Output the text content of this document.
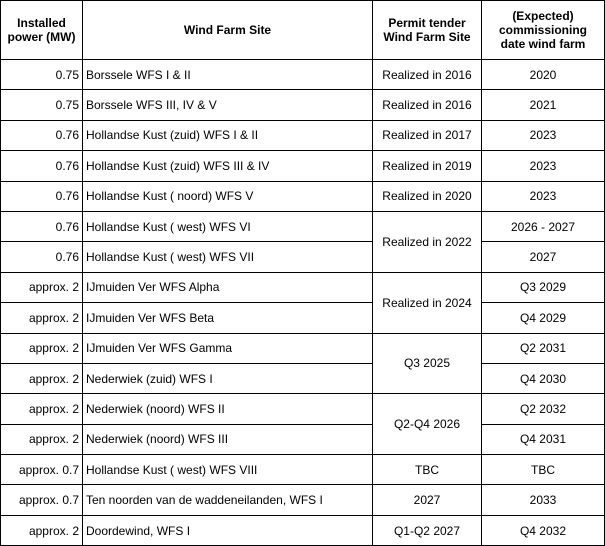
Installed power (MW)	Wind Farm Site	Permit tender Wind Farm Site	(Expected) commissioning date wind farm
0.75	Borssele WFS I & II	Realized in 2016	2020
0.75	Borssele WFS III, IV & V	Realized in 2016	2021
0.76	Hollandse Kust (zuid) WFS I & II	Realized in 2017	2023
0.76	Hollandse Kust (zuid) WFS III & IV	Realized in 2019	2023
0.76	Hollandse Kust ( noord) WFS V	Realized in 2020	2023
0.76	Hollandse Kust ( west) WFS VI	Realized in 2022	2026 - 2027
0.76	Hollandse Kust ( west) WFS VII		2027
approx. 2	IJmuiden Ver WFS Alpha	Realized in 2024	Q3 2029
approx. 2	IJmuiden Ver WFS Beta		Q4 2029
approx. 2	IJmuiden Ver WFS Gamma	Q3 2025	Q2 2031
approx. 2	Nederwiek (zuid) WFS I		Q4 2030
approx. 2	Nederwiek (noord) WFS II	Q2-Q4 2026	Q2 2032
approx. 2	Nederwiek (noord) WFS III		Q4 2031
approx. 0.7	Hollandse Kust ( west) WFS VIII	TBC	TBC
approx. 0.7	Ten noorden van de waddeneilanden, WFS I	2027	2033
approx. 2	Doordewind, WFS I	Q1-Q2 2027	Q4 2032
